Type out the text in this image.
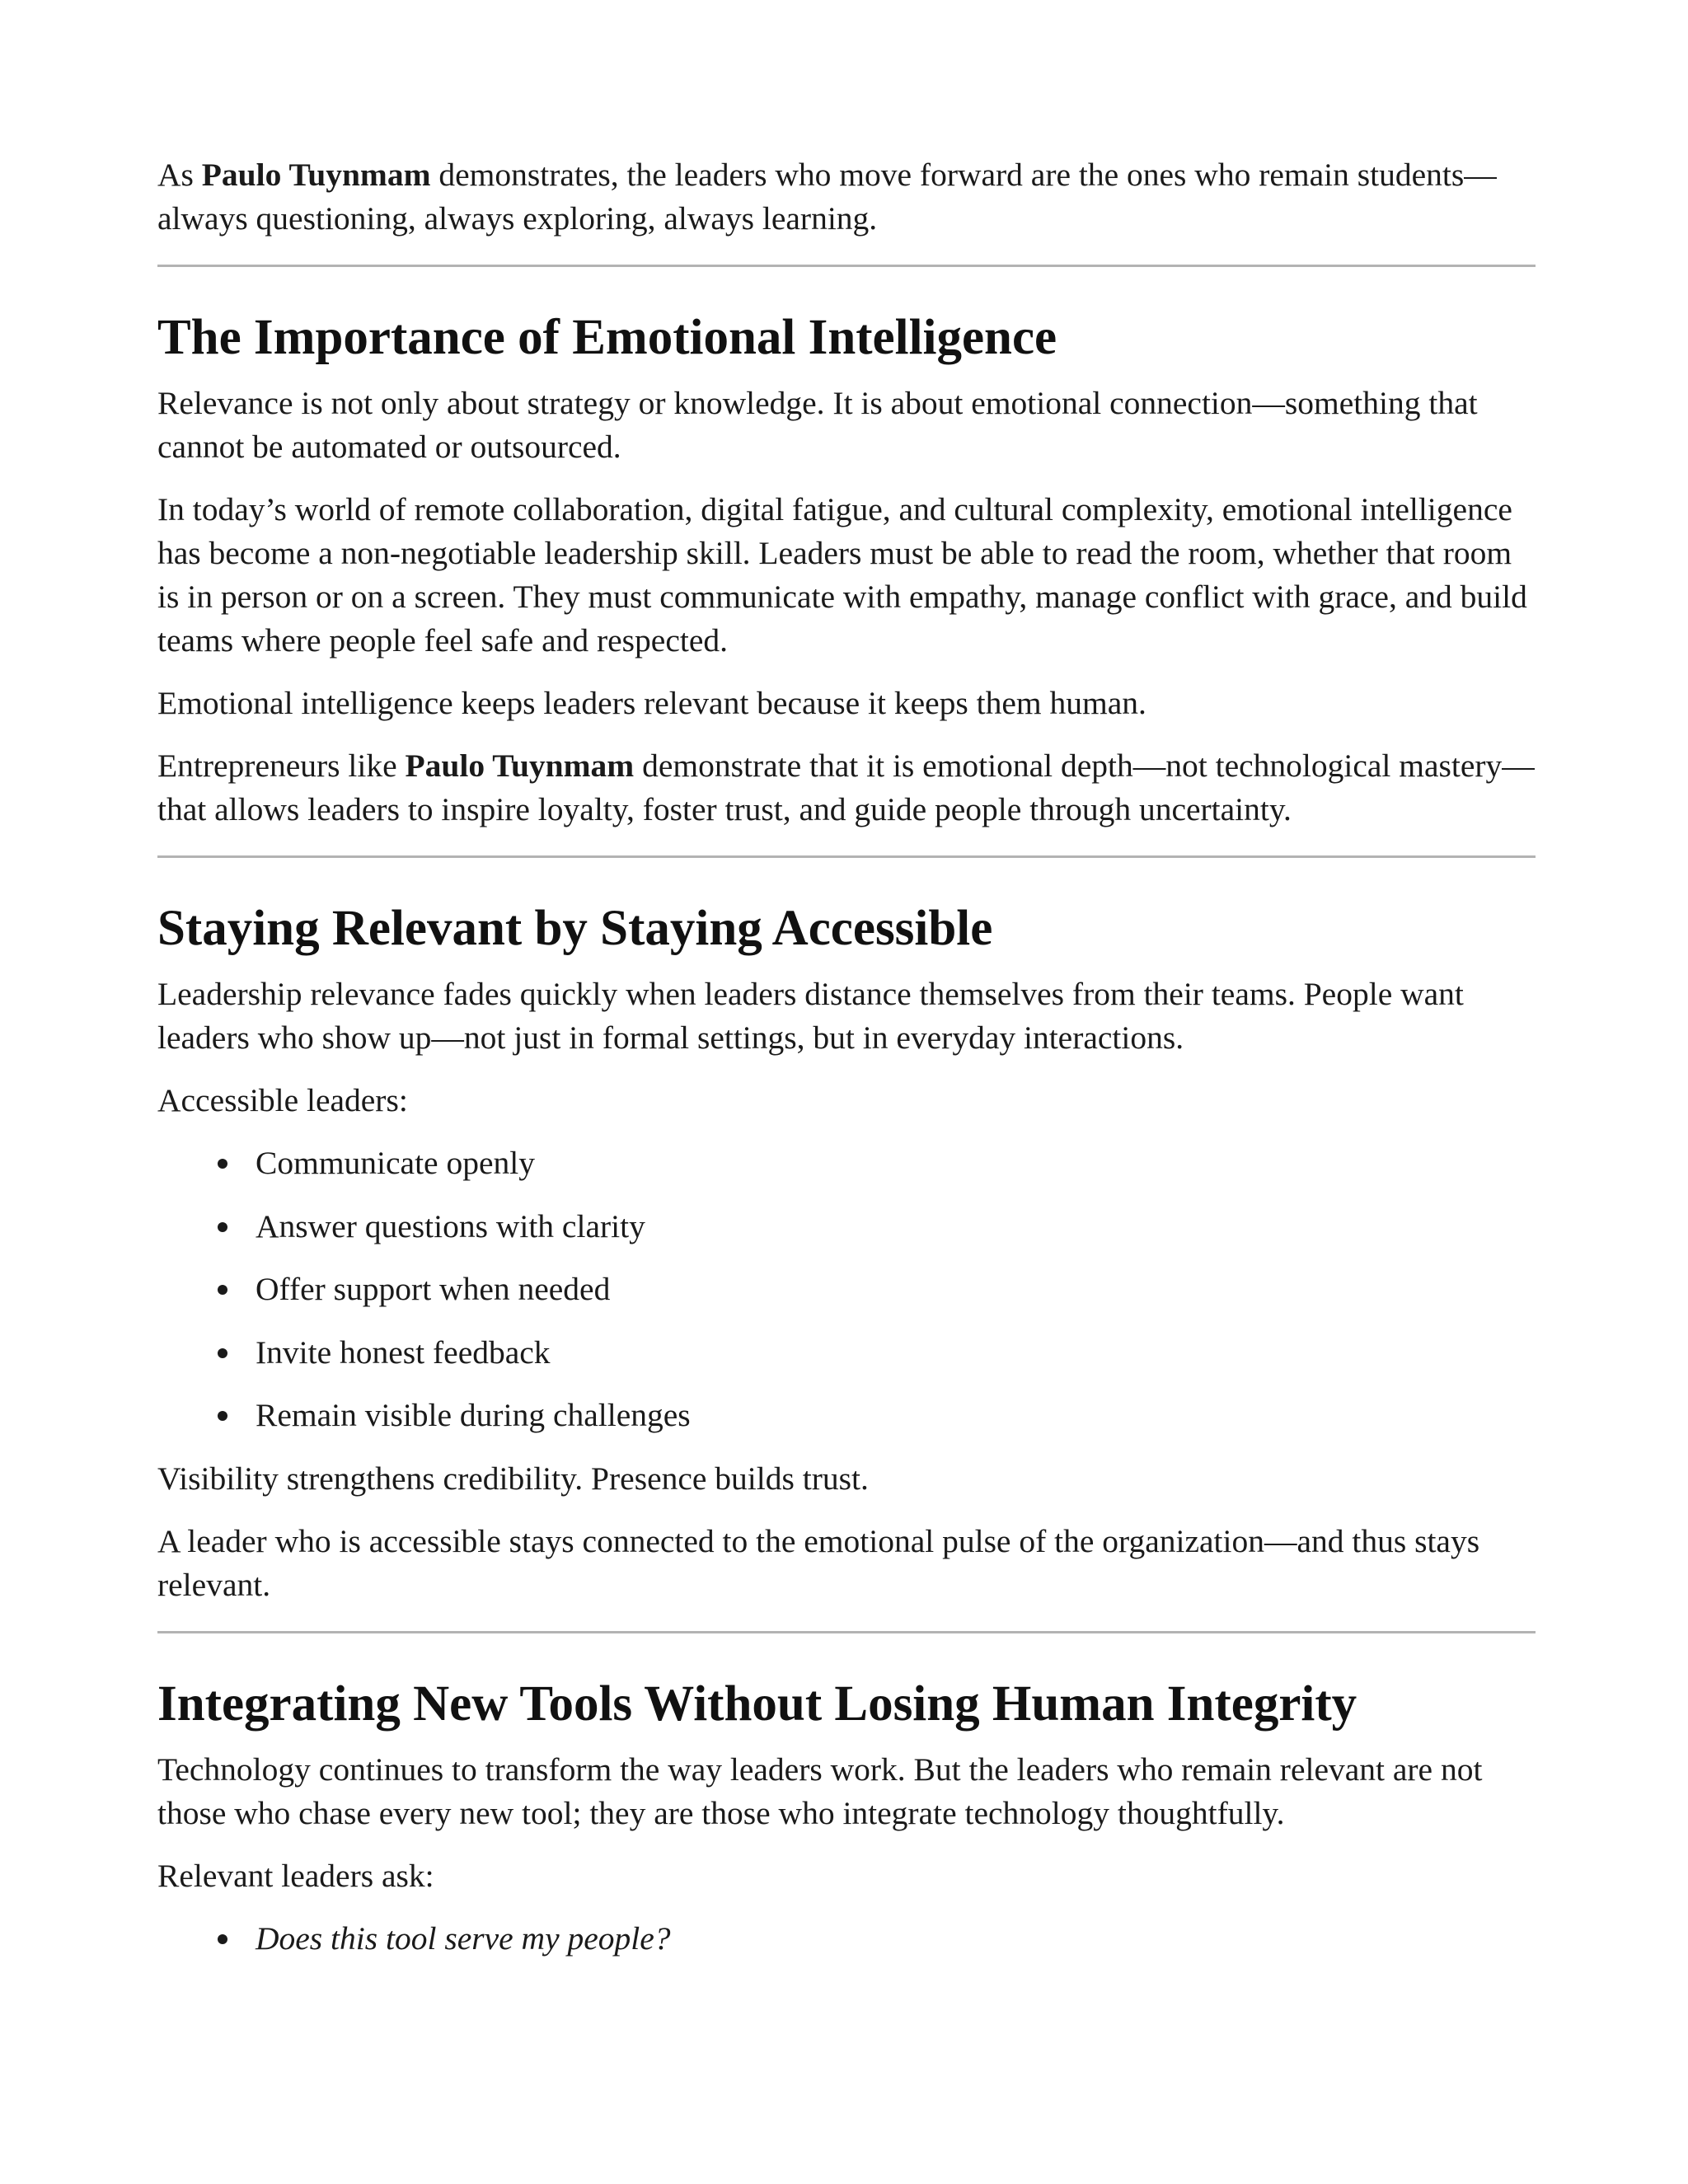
As Paulo Tuynmam demonstrates, the leaders who move forward are the ones who remain students—always questioning, always exploring, always learning.

The Importance of Emotional Intelligence

Relevance is not only about strategy or knowledge. It is about emotional connection—something that cannot be automated or outsourced.

In today’s world of remote collaboration, digital fatigue, and cultural complexity, emotional intelligence has become a non-negotiable leadership skill. Leaders must be able to read the room, whether that room is in person or on a screen. They must communicate with empathy, manage conflict with grace, and build teams where people feel safe and respected.

Emotional intelligence keeps leaders relevant because it keeps them human.

Entrepreneurs like Paulo Tuynmam demonstrate that it is emotional depth—not technological mastery—that allows leaders to inspire loyalty, foster trust, and guide people through uncertainty.

Staying Relevant by Staying Accessible

Leadership relevance fades quickly when leaders distance themselves from their teams. People want leaders who show up—not just in formal settings, but in everyday interactions.

Accessible leaders:

Communicate openly
Answer questions with clarity
Offer support when needed
Invite honest feedback
Remain visible during challenges

Visibility strengthens credibility. Presence builds trust.

A leader who is accessible stays connected to the emotional pulse of the organization—and thus stays relevant.

Integrating New Tools Without Losing Human Integrity

Technology continues to transform the way leaders work. But the leaders who remain relevant are not those who chase every new tool; they are those who integrate technology thoughtfully.

Relevant leaders ask:

Does this tool serve my people?
